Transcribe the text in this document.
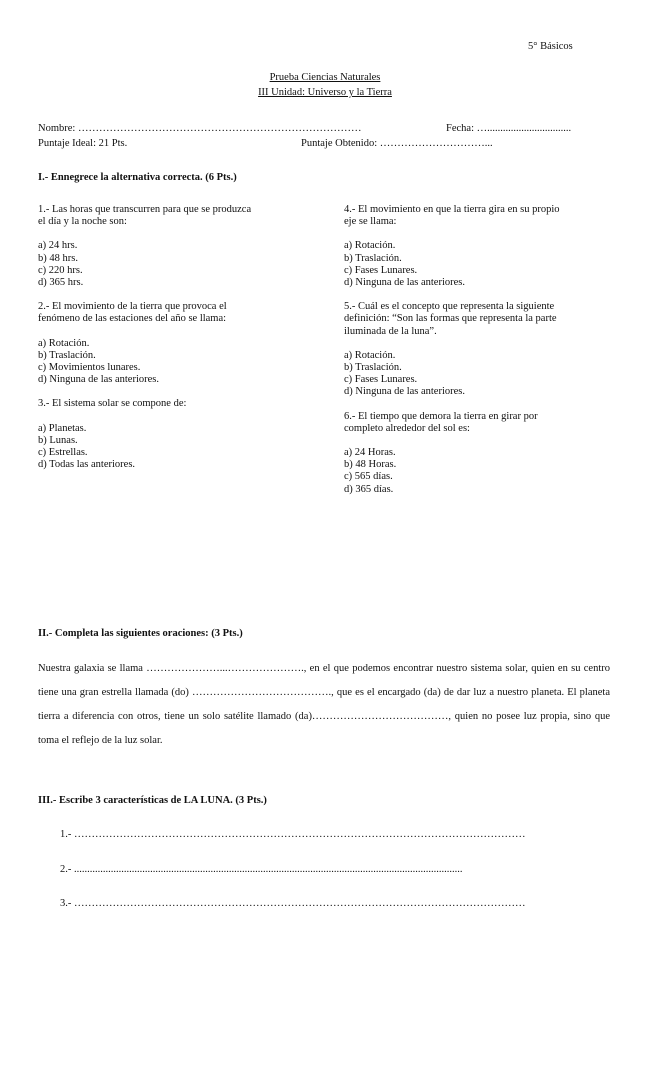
5° Básicos
Prueba Ciencias Naturales
III Unidad: Universo y la Tierra
Nombre: ………………………………………………………………………	Fecha: …................................
Puntaje Ideal: 21 Pts.	Puntaje Obtenido: …………………………...
I.- Ennegrece la alternativa correcta. (6 Pts.)
1.- Las horas que transcurren para que se produzca
el día y la noche son:
a) 24 hrs.
b) 48 hrs.
c) 220 hrs.
d) 365 hrs.
2.- El movimiento de la tierra que provoca el
fenómeno de las estaciones del año se llama:
a) Rotación.
b) Traslación.
c) Movimientos lunares.
d) Ninguna de las anteriores.
3.- El sistema solar se compone de:
a) Planetas.
b) Lunas.
c) Estrellas.
d) Todas las anteriores.
4.- El movimiento en que la tierra gira en su propio
eje se llama:
a) Rotación.
b) Traslación.
c) Fases Lunares.
d) Ninguna de las anteriores.
5.- Cuál es el concepto que representa la siguiente
definición: “Son las formas que representa la parte
iluminada de la luna”.
a) Rotación.
b) Traslación.
c) Fases Lunares.
d) Ninguna de las anteriores.
6.- El tiempo que demora la tierra en girar por
completo alrededor del sol es:
a) 24 Horas.
b) 48 Horas.
c) 565 días.
d) 365 días.
II.- Completa las siguientes oraciones: (3 Pts.)
Nuestra galaxia se llama …………………...…………………., en el que podemos encontrar nuestro sistema solar, quien en su centro tiene una gran estrella llamada (do) …………………………………., que es el encargado (da) de dar luz a nuestro planeta. El planeta tierra a diferencia con otros, tiene un solo satélite llamado (da)…………………………………, quien no posee luz propia, sino que toma el reflejo de la luz solar.
III.- Escribe 3 características de LA LUNA. (3 Pts.)
1.- …………………………………………………………………………………………………………………
2.- ....................................................................................................................................................
3.- …………………………………………………………………………………………………………………
